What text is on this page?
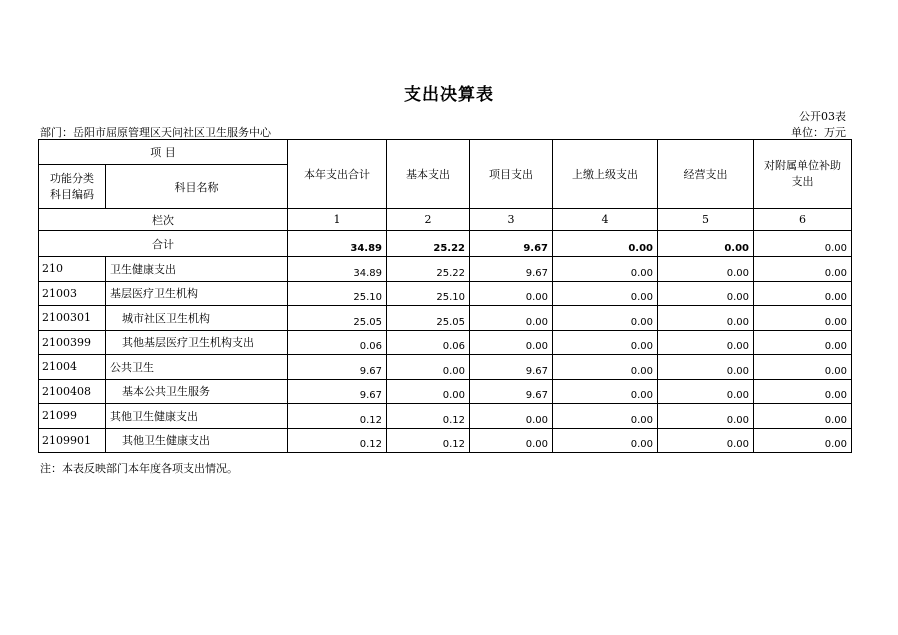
支出决算表
公开03表
部门：岳阳市屈原管理区天问社区卫生服务中心	单位：万元
项 目		本年支出合计	基本支出	项目支出	上缴上级支出	经营支出	对附属单位补助支出
功能分类科目编码	科目名称						
栏次		1	2	3	4	5	6
合计		34.89	25.22	9.67	0.00	0.00	0.00
210	卫生健康支出	34.89	25.22	9.67	0.00	0.00	0.00
21003	基层医疗卫生机构	25.10	25.10	0.00	0.00	0.00	0.00
2100301	城市社区卫生机构	25.05	25.05	0.00	0.00	0.00	0.00
2100399	其他基层医疗卫生机构支出	0.06	0.06	0.00	0.00	0.00	0.00
21004	公共卫生	9.67	0.00	9.67	0.00	0.00	0.00
2100408	基本公共卫生服务	9.67	0.00	9.67	0.00	0.00	0.00
21099	其他卫生健康支出	0.12	0.12	0.00	0.00	0.00	0.00
2109901	其他卫生健康支出	0.12	0.12	0.00	0.00	0.00	0.00
注：本表反映部门本年度各项支出情况。
